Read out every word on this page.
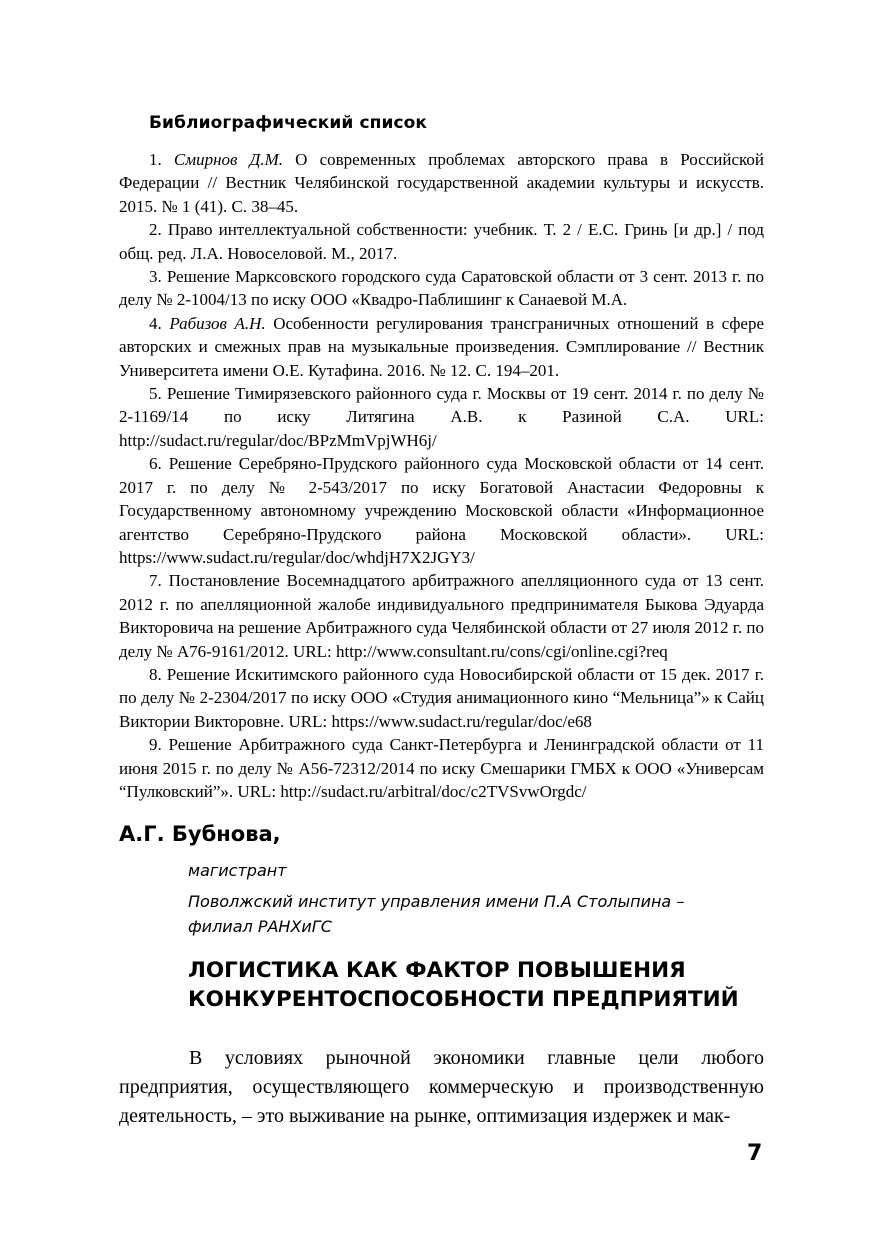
Библиографический список

1. Смирнов Д.М. О современных проблемах авторского права в Российской Федерации // Вестник Челябинской государственной академии культуры и искусств. 2015. № 1 (41). С. 38–45.

2. Право интеллектуальной собственности: учебник. Т. 2 / Е.С. Гринь [и др.] / под общ. ред. Л.А. Новоселовой. М., 2017.

3. Решение Марксовского городского суда Саратовской области от 3 сент. 2013 г. по делу № 2-1004/13 по иску ООО «Квадро-Паблишинг к Санаевой М.А.

4. Рабизов А.Н. Особенности регулирования трансграничных отношений в сфере авторских и смежных прав на музыкальные произведения. Сэмплирование // Вестник Университета имени О.Е. Кутафина. 2016. № 12. С. 194–201.

5. Решение Тимирязевского районного суда г. Москвы от 19 сент. 2014 г. по делу № 2-1169/14 по иску Литягина А.В. к Разиной С.А. URL: http://sudact.ru/regular/doc/BPzMmVpjWH6j/

6. Решение Серебряно-Прудского районного суда Московской области от 14 сент. 2017 г. по делу № 2-543/2017 по иску Богатовой Анастасии Федоровны к Государственному автономному учреждению Московской области «Информационное агентство Серебряно-Прудского района Московской области». URL: https://www.sudact.ru/regular/doc/whdjH7X2JGY3/

7. Постановление Восемнадцатого арбитражного апелляционного суда от 13 сент. 2012 г. по апелляционной жалобе индивидуального предпринимателя Быкова Эдуарда Викторовича на решение Арбитражного суда Челябинской области от 27 июля 2012 г. по делу № А76-9161/2012. URL: http://www.consultant.ru/cons/cgi/online.cgi?req

8. Решение Искитимского районного суда Новосибирской области от 15 дек. 2017 г. по делу № 2-2304/2017 по иску ООО «Студия анимационного кино “Мельница”» к Сайц Виктории Викторовне. URL: https://www.sudact.ru/regular/doc/e68

9. Решение Арбитражного суда Санкт-Петербурга и Ленинградской области от 11 июня 2015 г. по делу № А56-72312/2014 по иску Смешарики ГМБХ к ООО «Универсам “Пулковский”». URL: http://sudact.ru/arbitral/doc/c2TVSvwOrgdc/

А.Г. Бубнова,
магистрант
Поволжский институт управления имени П.А Столыпина – филиал РАНХиГС
ЛОГИСТИКА КАК ФАКТОР ПОВЫШЕНИЯ
КОНКУРЕНТОСПОСОБНОСТИ ПРЕДПРИЯТИЙ

В условиях рыночной экономики главные цели любого предприятия, осуществляющего коммерческую и производственную деятельность, – это выживание на рынке, оптимизация издержек и мак-

7
